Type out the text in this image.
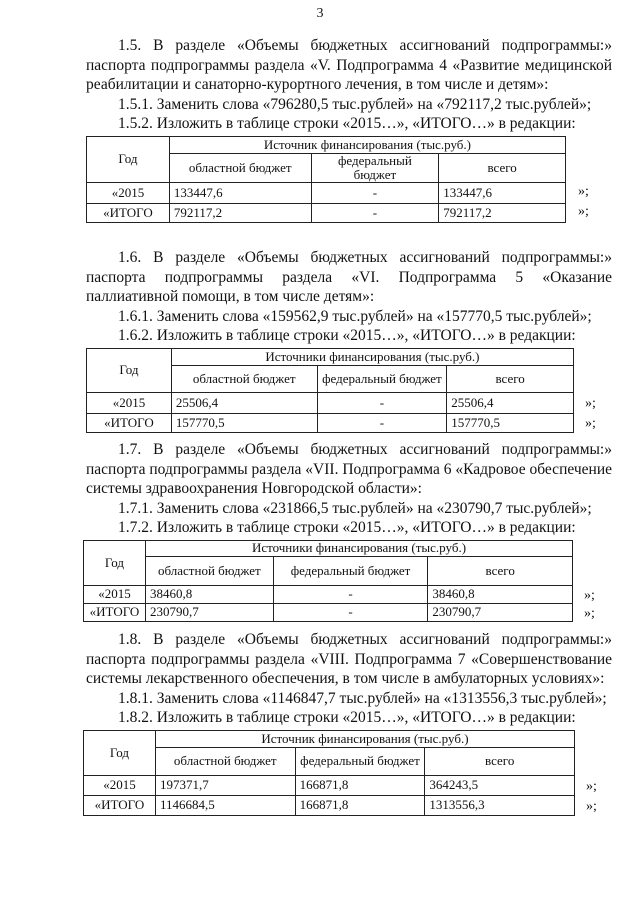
3

1.5. В разделе «Объемы бюджетных ассигнований подпрограммы:» паспорта подпрограммы раздела «V. Подпрограмма 4 «Развитие медицинской реабилитации и санаторно-курортного лечения, в том числе и детям»:

1.5.1. Заменить слова «796280,5 тыс.рублей» на «792117,2 тыс.рублей»;

1.5.2. Изложить в таблице строки «2015…», «ИТОГО…» в редакции:

Год	Источник финансирования (тыс.руб.)		
	областной бюджет	федеральный бюджет	всего
«2015	133447,6	-	133447,6
«ИТОГО	792117,2	-	792117,2
»;
»;

1.6. В разделе «Объемы бюджетных ассигнований подпрограммы:» паспорта подпрограммы раздела «VI. Подпрограмма 5 «Оказание паллиативной помощи, в том числе детям»:

1.6.1. Заменить слова «159562,9 тыс.рублей» на «157770,5 тыс.рублей»;

1.6.2. Изложить в таблице строки «2015…», «ИТОГО…» в редакции:

Год	Источники финансирования (тыс.руб.)		
	областной бюджет	федеральный бюджет	всего
«2015	25506,4	-	25506,4
«ИТОГО	157770,5	-	157770,5
»;
»;

1.7. В разделе «Объемы бюджетных ассигнований подпрограммы:» паспорта подпрограммы раздела «VII. Подпрограмма 6 «Кадровое обеспечение системы здравоохранения Новгородской области»:

1.7.1. Заменить слова «231866,5 тыс.рублей» на «230790,7 тыс.рублей»;

1.7.2. Изложить в таблице строки «2015…», «ИТОГО…» в редакции:

Год	Источники финансирования (тыс.руб.)		
	областной бюджет	федеральный бюджет	всего
«2015	38460,8	-	38460,8
«ИТОГО	230790,7	-	230790,7
»;
»;

1.8. В разделе «Объемы бюджетных ассигнований подпрограммы:» паспорта подпрограммы раздела «VIII. Подпрограмма 7 «Совершенствование системы лекарственного обеспечения, в том числе в амбулаторных условиях»:

1.8.1. Заменить слова «1146847,7 тыс.рублей» на «1313556,3 тыс.рублей»;

1.8.2. Изложить в таблице строки «2015…», «ИТОГО…» в редакции:

Год	Источник финансирования (тыс.руб.)		
	областной бюджет	федеральный бюджет	всего
«2015	197371,7	166871,8	364243,5
«ИТОГО	1146684,5	166871,8	1313556,3
»;
»;
